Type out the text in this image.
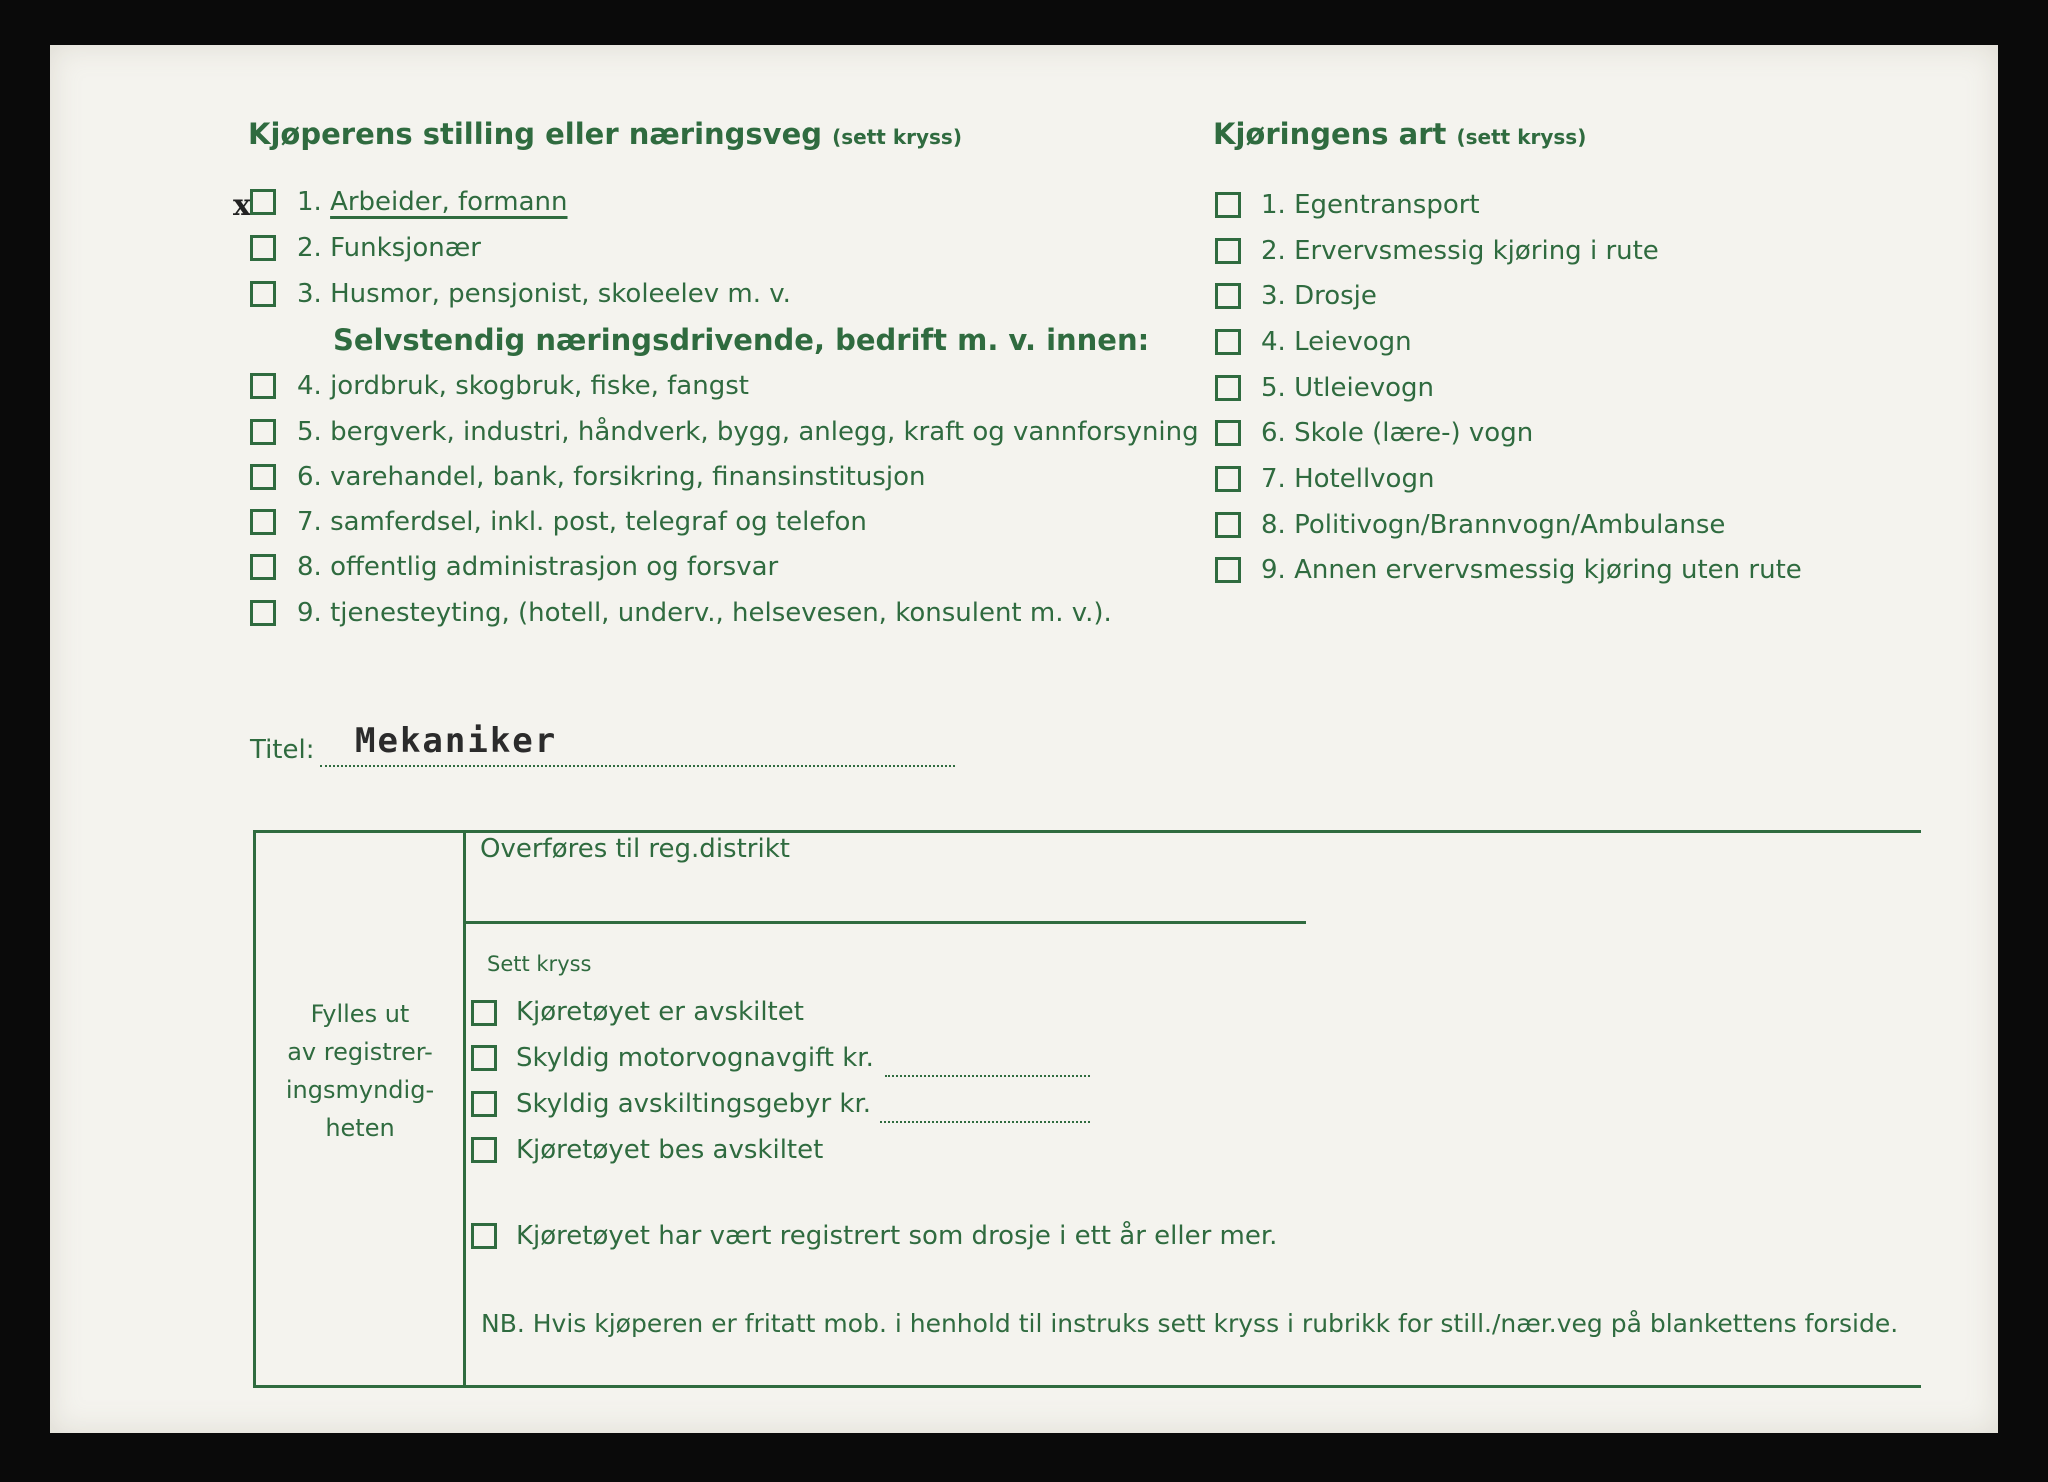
Kjøperens stilling eller næringsveg (sett kryss)
x 1. Arbeider, formann
2. Funksjonær
3. Husmor, pensjonist, skoleelev m. v.
Selvstendig næringsdrivende, bedrift m. v. innen:
4. jordbruk, skogbruk, fiske, fangst
5. bergverk, industri, håndverk, bygg, anlegg, kraft og vannforsyning
6. varehandel, bank, forsikring, finansinstitusjon
7. samferdsel, inkl. post, telegraf og telefon
8. offentlig administrasjon og forsvar
9. tjenesteyting, (hotell, underv., helsevesen, konsulent m. v.).
Kjøringens art (sett kryss)
1. Egentransport
2. Ervervsmessig kjøring i rute
3. Drosje
4. Leievogn
5. Utleievogn
6. Skole (lære-) vogn
7. Hotellvogn
8. Politivogn/Brannvogn/Ambulanse
9. Annen ervervsmessig kjøring uten rute
Titel: Mekaniker
Fylles ut
av registrer-
ingsmyndig-
heten
Overføres til reg.distrikt
Sett kryss
Kjøretøyet er avskiltet
Skyldig motorvognavgift kr.
Skyldig avskiltingsgebyr kr.
Kjøretøyet bes avskiltet
Kjøretøyet har vært registrert som drosje i ett år eller mer.
NB. Hvis kjøperen er fritatt mob. i henhold til instruks sett kryss i rubrikk for still./nær.veg på blankettens forside.
